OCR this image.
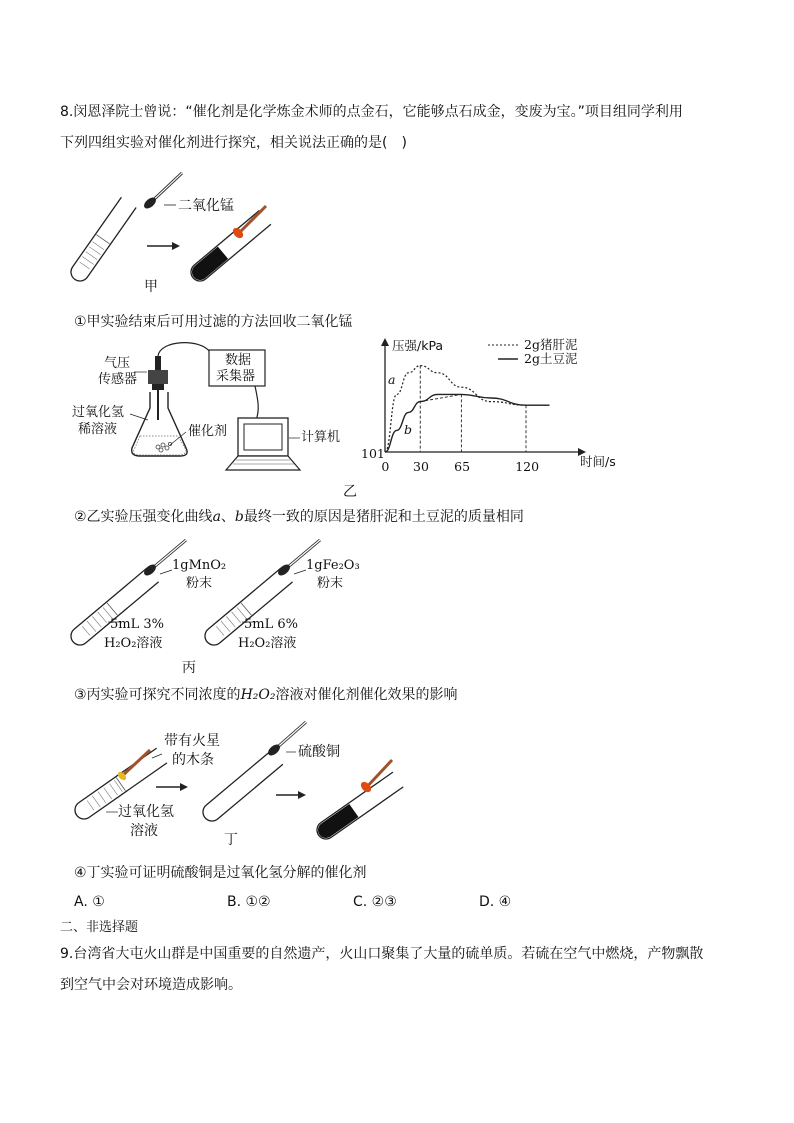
8.闵恩泽院士曾说：“催化剂是化学炼金术师的点金石，它能够点石成金，变废为宝。”项目组同学利用
下列四组实验对催化剂进行探究，相关说法正确的是(　)
二氧化锰
甲
①甲实验结束后可用过滤的方法回收二氧化锰
气压
传感器
数据
采集器
过氧化氢
稀溶液	催化剂	计算机
压强/kPa
时间/s
101
0 30 65	120
a
b
2g猪肝泥
2g土豆泥
乙
②乙实验压强变化曲线a、b最终一致的原因是猪肝泥和土豆泥的质量相同
1gMnO₂
粉末
5mL 3%
H₂O₂溶液
1gFe₂O₃
粉末
5mL 6%
H₂O₂溶液
丙
③丙实验可探究不同浓度的H₂O₂溶液对催化剂催化效果的影响
带有火星
的木条
过氧化氢
溶液
硫酸铜
丁
④丁实验可证明硫酸铜是过氧化氢分解的催化剂
A. ①	B. ①②	C. ②③	D. ④
二、非选择题
9.台湾省大屯火山群是中国重要的自然遗产，火山口聚集了大量的硫单质。若硫在空气中燃烧，产物飘散
到空气中会对环境造成影响。
